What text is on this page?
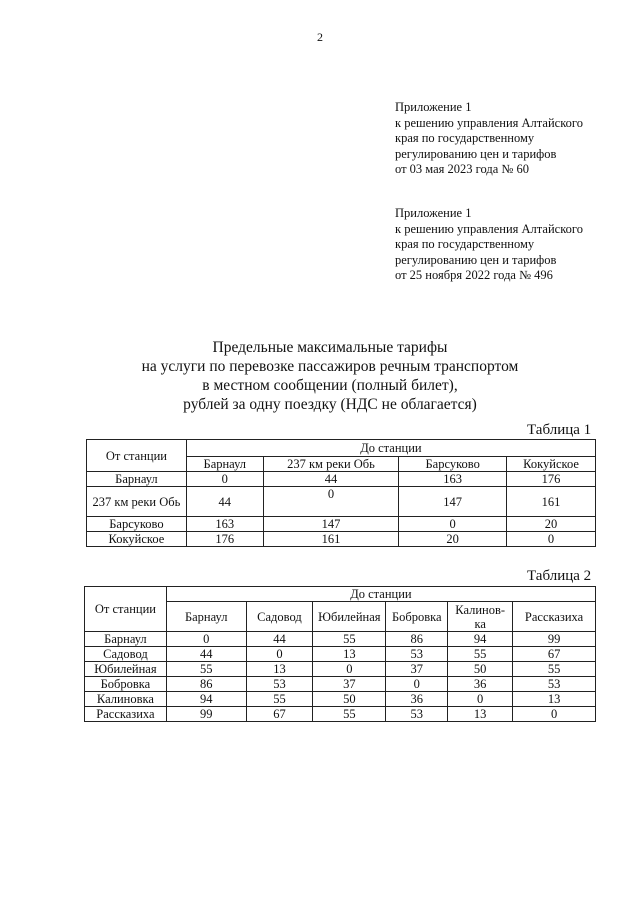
2
Приложение 1
к решению управления Алтайского
края по государственному
регулированию цен и тарифов
от 03 мая 2023 года № 60
Приложение 1
к решению управления Алтайского
края по государственному
регулированию цен и тарифов
от 25 ноября 2022 года № 496
Предельные максимальные тарифы
на услуги по перевозке пассажиров речным транспортом
в местном сообщении (полный билет),
рублей за одну поездку (НДС не облагается)
Таблица 1
От станции	До станции			
	Барнаул	237 км реки Обь	Барсуково	Кокуйское
Барнаул	0	44	163	176
237 км реки Обь	44	0	147	161
Барсуково	163	147	0	20
Кокуйское	176	161	20	0
Таблица 2
От станции	До станции					
	Барнаул	Садовод	Юбилейная	Бобровка	Калинов-ка	Рассказиха
Барнаул	0	44	55	86	94	99
Садовод	44	0	13	53	55	67
Юбилейная	55	13	0	37	50	55
Бобровка	86	53	37	0	36	53
Калиновка	94	55	50	36	0	13
Рассказиха	99	67	55	53	13	0
